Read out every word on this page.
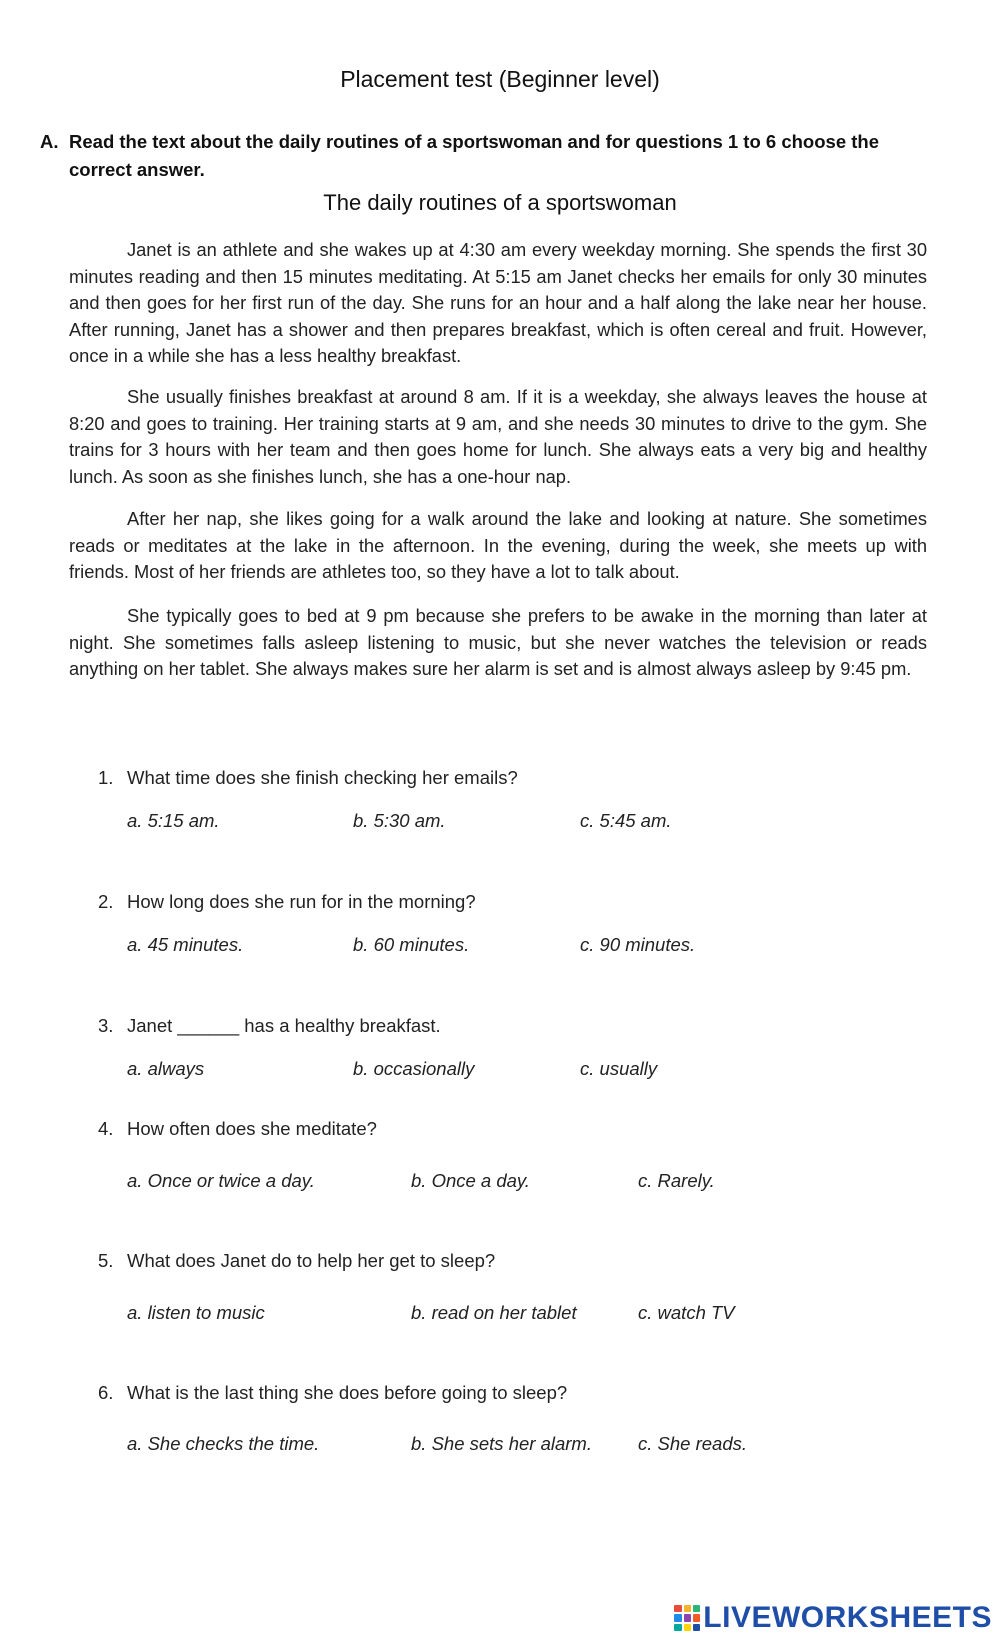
Placement test (Beginner level)
A. Read the text about the daily routines of a sportswoman and for questions 1 to 6 choose the correct answer.
The daily routines of a sportswoman

Janet is an athlete and she wakes up at 4:30 am every weekday morning. She spends the first 30 minutes reading and then 15 minutes meditating. At 5:15 am Janet checks her emails for only 30 minutes and then goes for her first run of the day. She runs for an hour and a half along the lake near her house. After running, Janet has a shower and then prepares breakfast, which is often cereal and fruit. However, once in a while she has a less healthy breakfast.

She usually finishes breakfast at around 8 am. If it is a weekday, she always leaves the house at 8:20 and goes to training. Her training starts at 9 am, and she needs 30 minutes to drive to the gym. She trains for 3 hours with her team and then goes home for lunch. She always eats a very big and healthy lunch. As soon as she finishes lunch, she has a one-hour nap.

After her nap, she likes going for a walk around the lake and looking at nature. She sometimes reads or meditates at the lake in the afternoon. In the evening, during the week, she meets up with friends. Most of her friends are athletes too, so they have a lot to talk about.

She typically goes to bed at 9 pm because she prefers to be awake in the morning than later at night. She sometimes falls asleep listening to music, but she never watches the television or reads anything on her tablet. She always makes sure her alarm is set and is almost always asleep by 9:45 pm.

1. What time does she finish checking her emails?
a. 5:15 am.	b. 5:30 am.	c. 5:45 am.
2. How long does she run for in the morning?
a. 45 minutes.	b. 60 minutes.	c. 90 minutes.
3. Janet ______ has a healthy breakfast.
a. always	b. occasionally	c. usually
4. How often does she meditate?
a. Once or twice a day.	b. Once a day.	c. Rarely.
5. What does Janet do to help her get to sleep?
a. listen to music	b. read on her tablet	c. watch TV
6. What is the last thing she does before going to sleep?
a. She checks the time.	b. She sets her alarm. c. She reads.
LIVEWORKSHEETS
